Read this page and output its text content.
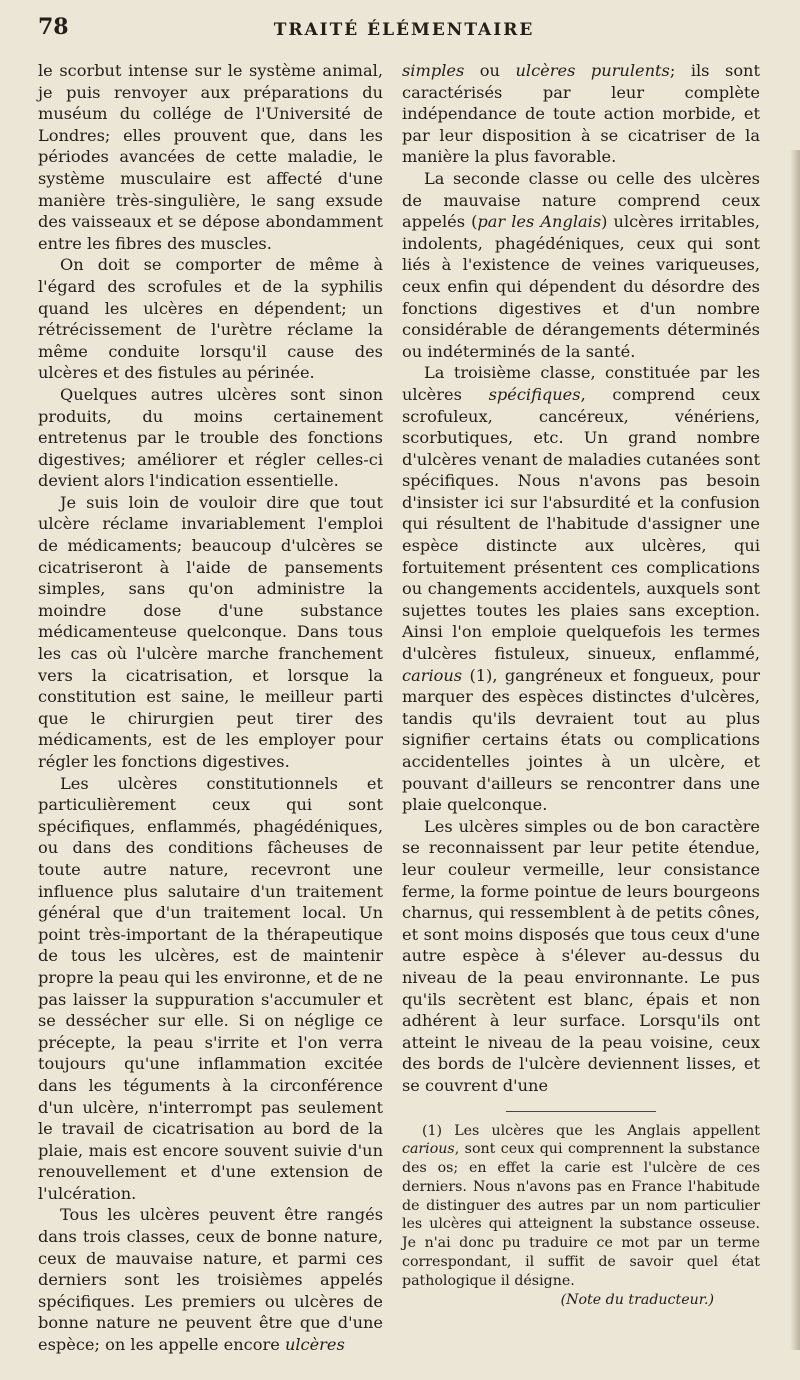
78	TRAITÉ ÉLÉMENTAIRE

le scorbut intense sur le système animal, je puis renvoyer aux préparations du muséum du collége de l'Université de Londres; elles prouvent que, dans les périodes avancées de cette maladie, le système musculaire est affecté d'une manière très-singulière, le sang exsude des vaisseaux et se dépose abondamment entre les fibres des muscles.

On doit se comporter de même à l'égard des scrofules et de la syphilis quand les ulcères en dépendent; un rétrécissement de l'urètre réclame la même conduite lorsqu'il cause des ulcères et des fistules au périnée.

Quelques autres ulcères sont sinon produits, du moins certainement entretenus par le trouble des fonctions digestives; améliorer et régler celles-ci devient alors l'indication essentielle.

Je suis loin de vouloir dire que tout ulcère réclame invariablement l'emploi de médicaments; beaucoup d'ulcères se cicatriseront à l'aide de pansements simples, sans qu'on administre la moindre dose d'une substance médicamenteuse quelconque. Dans tous les cas où l'ulcère marche franchement vers la cicatrisation, et lorsque la constitution est saine, le meilleur parti que le chirurgien peut tirer des médicaments, est de les employer pour régler les fonctions digestives.

Les ulcères constitutionnels et particulièrement ceux qui sont spécifiques, enflammés, phagédéniques, ou dans des conditions fâcheuses de toute autre nature, recevront une influence plus salutaire d'un traitement général que d'un traitement local. Un point très-important de la thérapeutique de tous les ulcères, est de maintenir propre la peau qui les environne, et de ne pas laisser la suppuration s'accumuler et se dessécher sur elle. Si on néglige ce précepte, la peau s'irrite et l'on verra toujours qu'une inflammation excitée dans les téguments à la circonférence d'un ulcère, n'interrompt pas seulement le travail de cicatrisation au bord de la plaie, mais est encore souvent suivie d'un renouvellement et d'une extension de l'ulcération.

Tous les ulcères peuvent être rangés dans trois classes, ceux de bonne nature, ceux de mauvaise nature, et parmi ces derniers sont les troisièmes appelés spécifiques. Les premiers ou ulcères de bonne nature ne peuvent être que d'une espèce; on les appelle encore ulcères

simples ou ulcères purulents; ils sont caractérisés par leur complète indépendance de toute action morbide, et par leur disposition à se cicatriser de la manière la plus favorable.

La seconde classe ou celle des ulcères de mauvaise nature comprend ceux appelés (par les Anglais) ulcères irritables, indolents, phagédéniques, ceux qui sont liés à l'existence de veines variqueuses, ceux enfin qui dépendent du désordre des fonctions digestives et d'un nombre considérable de dérangements déterminés ou indéterminés de la santé.

La troisième classe, constituée par les ulcères spécifiques, comprend ceux scrofuleux, cancéreux, vénériens, scorbutiques, etc. Un grand nombre d'ulcères venant de maladies cutanées sont spécifiques. Nous n'avons pas besoin d'insister ici sur l'absurdité et la confusion qui résultent de l'habitude d'assigner une espèce distincte aux ulcères, qui fortuitement présentent ces complications ou changements accidentels, auxquels sont sujettes toutes les plaies sans exception. Ainsi l'on emploie quelquefois les termes d'ulcères fistuleux, sinueux, enflammé, carious (1), gangréneux et fongueux, pour marquer des espèces distinctes d'ulcères, tandis qu'ils devraient tout au plus signifier certains états ou complications accidentelles jointes à un ulcère, et pouvant d'ailleurs se rencontrer dans une plaie quelconque.

Les ulcères simples ou de bon caractère se reconnaissent par leur petite étendue, leur couleur vermeille, leur consistance ferme, la forme pointue de leurs bourgeons charnus, qui ressemblent à de petits cônes, et sont moins disposés que tous ceux d'une autre espèce à s'élever au-dessus du niveau de la peau environnante. Le pus qu'ils secrètent est blanc, épais et non adhérent à leur surface. Lorsqu'ils ont atteint le niveau de la peau voisine, ceux des bords de l'ulcère deviennent lisses, et se couvrent d'une

(1) Les ulcères que les Anglais appellent carious, sont ceux qui comprennent la substance des os; en effet la carie est l'ulcère de ces derniers. Nous n'avons pas en France l'habitude de distinguer des autres par un nom particulier les ulcères qui atteignent la substance osseuse. Je n'ai donc pu traduire ce mot par un terme correspondant, il suffit de savoir quel état pathologique il désigne.

(Note du traducteur.)
